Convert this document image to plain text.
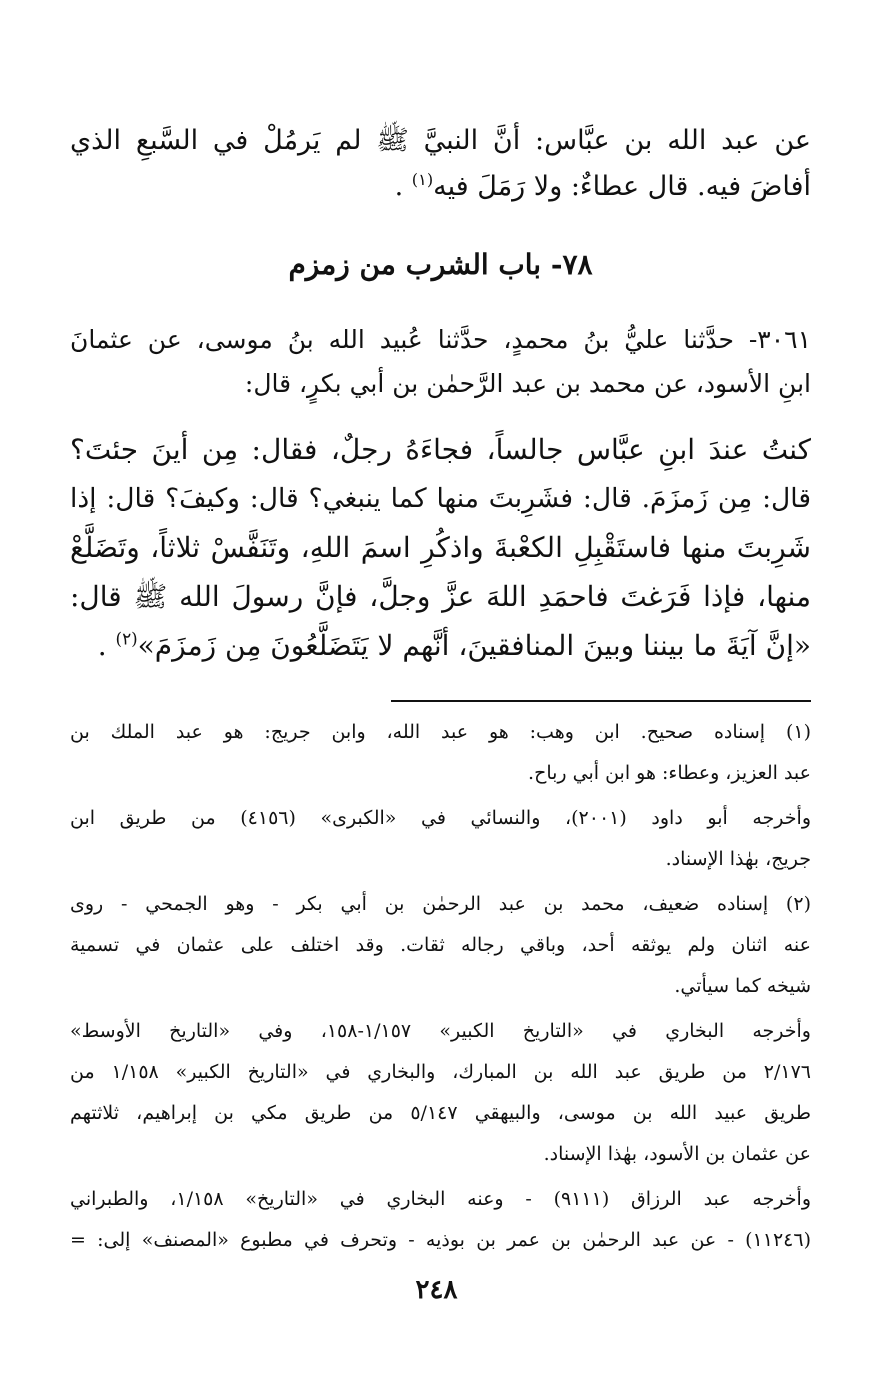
عن عبد الله بن عبَّاس: أنَّ النبيَّ ﷺ لم يَرمُلْ في السَّبعِ الذي
أفاضَ فيه. قال عطاءٌ: ولا رَمَلَ فيه$^{(١)}$ .
٧٨- باب الشرب من زمزم
٣٠٦١- حدَّثنا عليُّ بنُ محمدٍ، حدَّثنا عُبيد الله بنُ موسى، عن عثمانَ
ابنِ الأسود، عن محمد بن عبد الرَّحمٰن بن أبي بكرٍ، قال:
كنتُ عندَ ابنِ عبَّاس جالساً، فجاءَهُ رجلٌ، فقال: مِن أينَ جئتَ؟
قال: مِن زَمزَمَ. قال: فشَرِبتَ منها كما ينبغي؟ قال: وكيفَ؟ قال: إذا
شَرِبتَ منها فاستَقْبِلِ الكعْبةَ واذكُرِ اسمَ اللهِ، وتَنَفَّسْ ثلاثاً، وتَضَلَّعْ
منها، فإذا فَرَغتَ فاحمَدِ اللهَ عزَّ وجلَّ، فإنَّ رسولَ الله ﷺ قال:
«إنَّ آيَةَ ما بيننا وبينَ المنافقينَ، أنَّهم لا يَتَضَلَّعُونَ مِن زَمزَمَ»$^{(٢)}$ .
(١) إسناده صحيح. ابن وهب: هو عبد الله، وابن جريج: هو عبد الملك بن
عبد العزيز، وعطاء: هو ابن أبي رباح.
وأخرجه أبو داود (٢٠٠١)، والنسائي في «الكبرى» (٤١٥٦) من طريق ابن
جريج، بهٰذا الإسناد.
(٢) إسناده ضعيف، محمد بن عبد الرحمٰن بن أبي بكر - وهو الجمحي - روى
عنه اثنان ولم يوثقه أحد، وباقي رجاله ثقات. وقد اختلف على عثمان في تسمية
شيخه كما سيأتي.
وأخرجه البخاري في «التاريخ الكبير» ١/١٥٧-١٥٨، وفي «التاريخ الأوسط»
٢/١٧٦ من طريق عبد الله بن المبارك، والبخاري في «التاريخ الكبير» ١/١٥٨ من
طريق عبيد الله بن موسى، والبيهقي ٥/١٤٧ من طريق مكي بن إبراهيم، ثلاثتهم
عن عثمان بن الأسود، بهٰذا الإسناد.
وأخرجه عبد الرزاق (٩١١١) - وعنه البخاري في «التاريخ» ١/١٥٨، والطبراني
(١١٢٤٦) - عن عبد الرحمٰن بن عمر بن بوذيه - وتحرف في مطبوع «المصنف» إلى: =
٢٤٨
